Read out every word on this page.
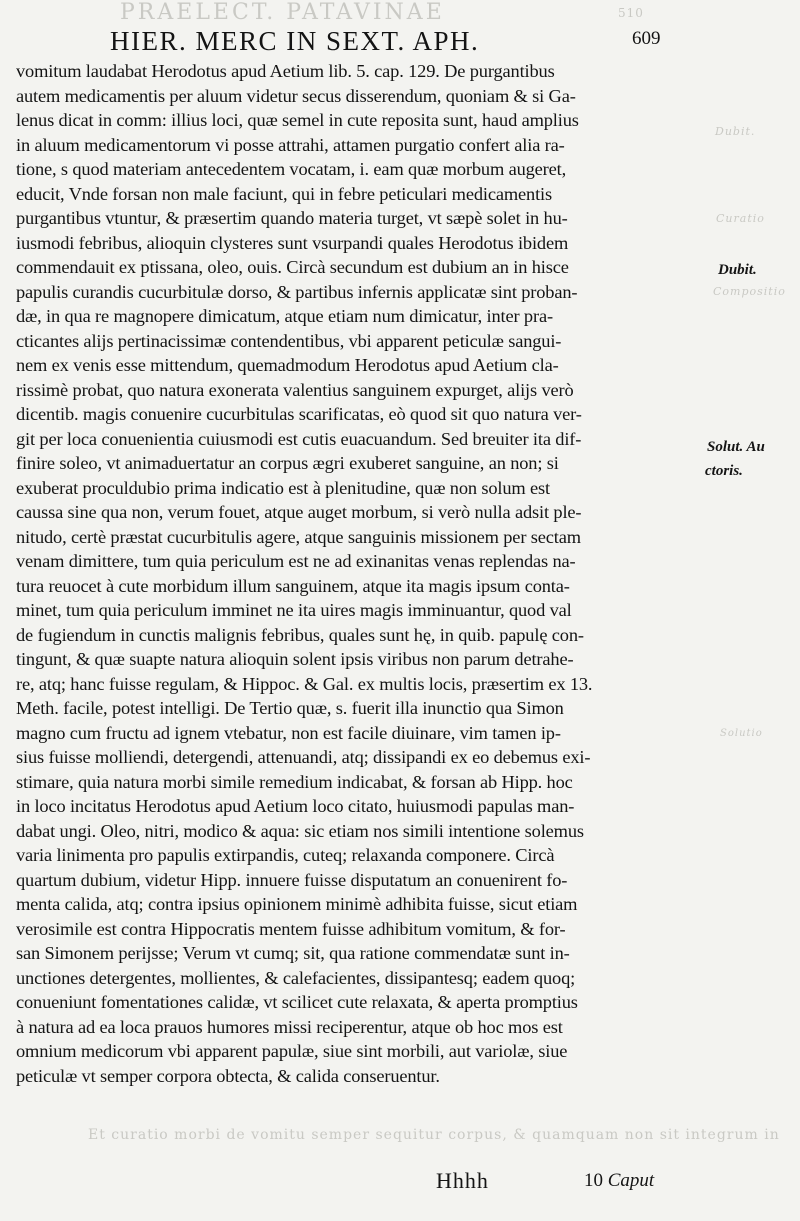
PRAELECT. PATAVINAE	510
Dubit.
Curatio
Compositio
Solutio
Et curatio morbi de vomitu semper sequitur corpus, & quamquam non sit integrum in
HIER. MERC IN SEXT. APH.	609
vomitum laudabat Herodotus apud Aetium lib. 5. cap. 129. De purgantibus
autem medicamentis per aluum videtur secus disserendum, quoniam & si Ga-
lenus dicat in comm: illius loci, quæ semel in cute reposita sunt, haud amplius
in aluum medicamentorum vi posse attrahi, attamen purgatio confert alia ra-
tione, s quod materiam antecedentem vocatam, i. eam quæ morbum augeret,
educit, Vnde forsan non male faciunt, qui in febre peticulari medicamentis
purgantibus vtuntur, & præsertim quando materia turget, vt sæpè solet in hu-
iusmodi febribus, alioquin clysteres sunt vsurpandi quales Herodotus ibidem
commendauit ex ptissana, oleo, ouis. Circà secundum est dubium an in hisce
papulis curandis cucurbitulæ dorso, & partibus infernis applicatæ sint proban-
dæ, in qua re magnopere dimicatum, atque etiam num dimicatur, inter pra-
cticantes alijs pertinacissimæ contendentibus, vbi apparent peticulæ sangui-
nem ex venis esse mittendum, quemadmodum Herodotus apud Aetium cla-
rissimè probat, quo natura exonerata valentius sanguinem expurget, alijs verò
dicentib. magis conuenire cucurbitulas scarificatas, eò quod sit quo natura ver-
git per loca conuenientia cuiusmodi est cutis euacuandum. Sed breuiter ita dif-
finire soleo, vt animaduertatur an corpus ægri exuberet sanguine, an non; si
exuberat proculdubio prima indicatio est à plenitudine, quæ non solum est
caussa sine qua non, verum fouet, atque auget morbum, si verò nulla adsit ple-
nitudo, certè præstat cucurbitulis agere, atque sanguinis missionem per sectam
venam dimittere, tum quia periculum est ne ad exinanitas venas replendas na-
tura reuocet à cute morbidum illum sanguinem, atque ita magis ipsum conta-
minet, tum quia periculum imminet ne ita uires magis imminuantur, quod val
de fugiendum in cunctis malignis febribus, quales sunt hę, in quib. papulę con-
tingunt, & quæ suapte natura alioquin solent ipsis viribus non parum detrahe-
re, atq; hanc fuisse regulam, & Hippoc. & Gal. ex multis locis, præsertim ex 13.
Meth. facile, potest intelligi. De Tertio quæ, s. fuerit illa inunctio qua Simon
magno cum fructu ad ignem vtebatur, non est facile diuinare, vim tamen ip-
sius fuisse molliendi, detergendi, attenuandi, atq; dissipandi ex eo debemus exi-
stimare, quia natura morbi simile remedium indicabat, & forsan ab Hipp. hoc
in loco incitatus Herodotus apud Aetium loco citato, huiusmodi papulas man-
dabat ungi. Oleo, nitri, modico & aqua: sic etiam nos simili intentione solemus
varia linimenta pro papulis extirpandis, cuteq; relaxanda componere. Circà
quartum dubium, videtur Hipp. innuere fuisse disputatum an conuenirent fo-
menta calida, atq; contra ipsius opinionem minimè adhibita fuisse, sicut etiam
verosimile est contra Hippocratis mentem fuisse adhibitum vomitum, & for-
san Simonem perijsse; Verum vt cumq; sit, qua ratione commendatæ sunt in-
unctiones detergentes, mollientes, & calefacientes, dissipantesq; eadem quoq;
conueniunt fomentationes calidæ, vt scilicet cute relaxata, & aperta promptius
à natura ad ea loca prauos humores missi reciperentur, atque ob hoc mos est
omnium medicorum vbi apparent papulæ, siue sint morbili, aut variolæ, siue
peticulæ vt semper corpora obtecta, & calida conseruentur.
Dubit.
Solut. Au
ctoris.
Hhhh	10 Caput
